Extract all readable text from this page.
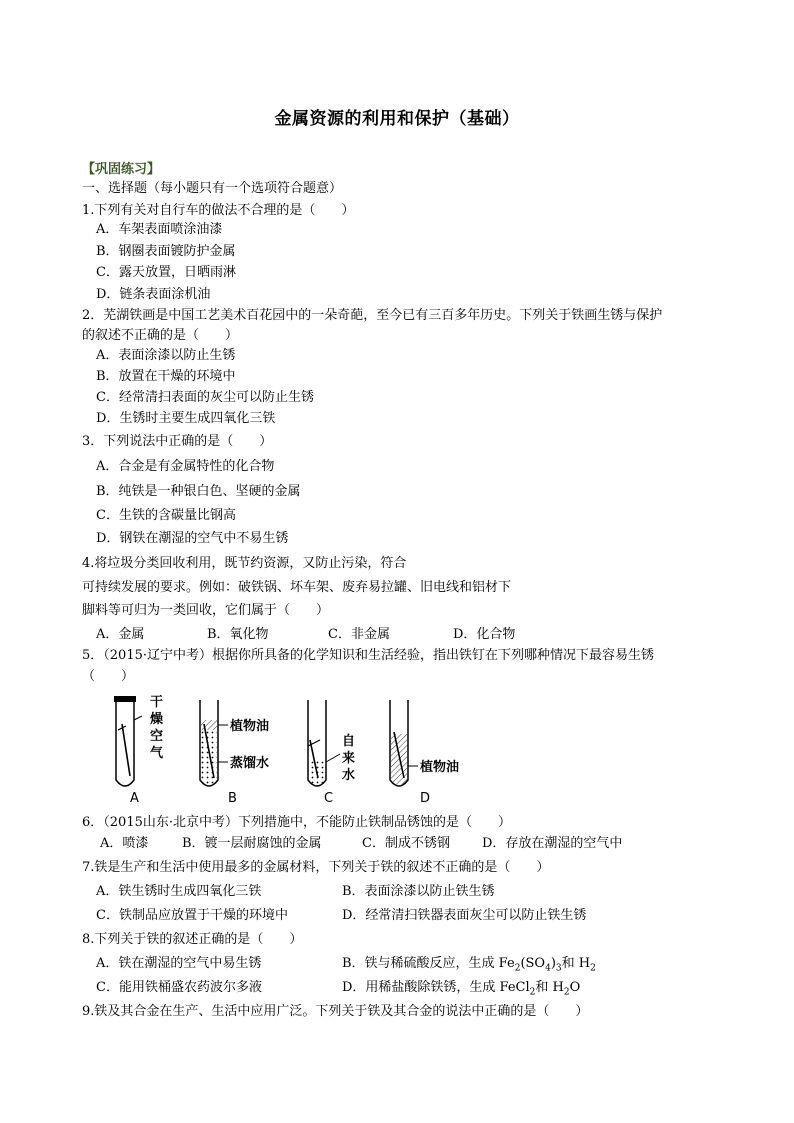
金属资源的利用和保护（基础）
【巩固练习】
一、选择题（每小题只有一个选项符合题意）
1.下列有关对自行车的做法不合理的是（　　）
A．车架表面喷涂油漆
B．钢圈表面镀防护金属
C．露天放置，日晒雨淋
D．链条表面涂机油
2．芜湖铁画是中国工艺美术百花园中的一朵奇葩，至今已有三百多年历史。下列关于铁画生锈与保护
的叙述不正确的是（　　）
A．表面涂漆以防止生锈
B．放置在干燥的环境中
C．经常清扫表面的灰尘可以防止生锈
D．生锈时主要生成四氧化三铁
3．下列说法中正确的是（　　）
A．合金是有金属特性的化合物
B．纯铁是一种银白色、坚硬的金属
C．生铁的含碳量比钢高
D．钢铁在潮湿的空气中不易生锈
4.将垃圾分类回收利用，既节约资源，又防止污染，符合
可持续发展的要求。例如：破铁锅、坏车架、废弃易拉罐、旧电线和铝材下
脚料等可归为一类回收，它们属于（　　）
A．金属	B．氧化物	C．非金属	D．化合物
5．（2015·辽宁中考）根据你所具备的化学知识和生活经验，指出铁钉在下列哪种情况下最容易生锈
（　　）
干
燥
空
气
植物油
蒸馏水
自
来
水
植物油
A	B	C	D
6．（2015山东·北京中考）下列措施中，不能防止铁制品锈蚀的是（　　）
A．喷漆	B．镀一层耐腐蚀的金属	C．制成不锈钢 D．存放在潮湿的空气中
7.铁是生产和生活中使用最多的金属材料，下列关于铁的叙述不正确的是（　　）
A．铁生锈时生成四氧化三铁	B．表面涂漆以防止铁生锈
C．铁制品应放置于干燥的环境中	D．经常清扫铁器表面灰尘可以防止铁生锈
8.下列关于铁的叙述正确的是（　　）
A．铁在潮湿的空气中易生锈	B．铁与稀硫酸反应，生成 $Fe_2(SO_4)_3$和 $H_2$
C．能用铁桶盛农药波尔多液	D．用稀盐酸除铁锈，生成 FeCl$_2$和 $H_2O$
9.铁及其合金在生产、生活中应用广泛。下列关于铁及其合金的说法中正确的是（　　）
